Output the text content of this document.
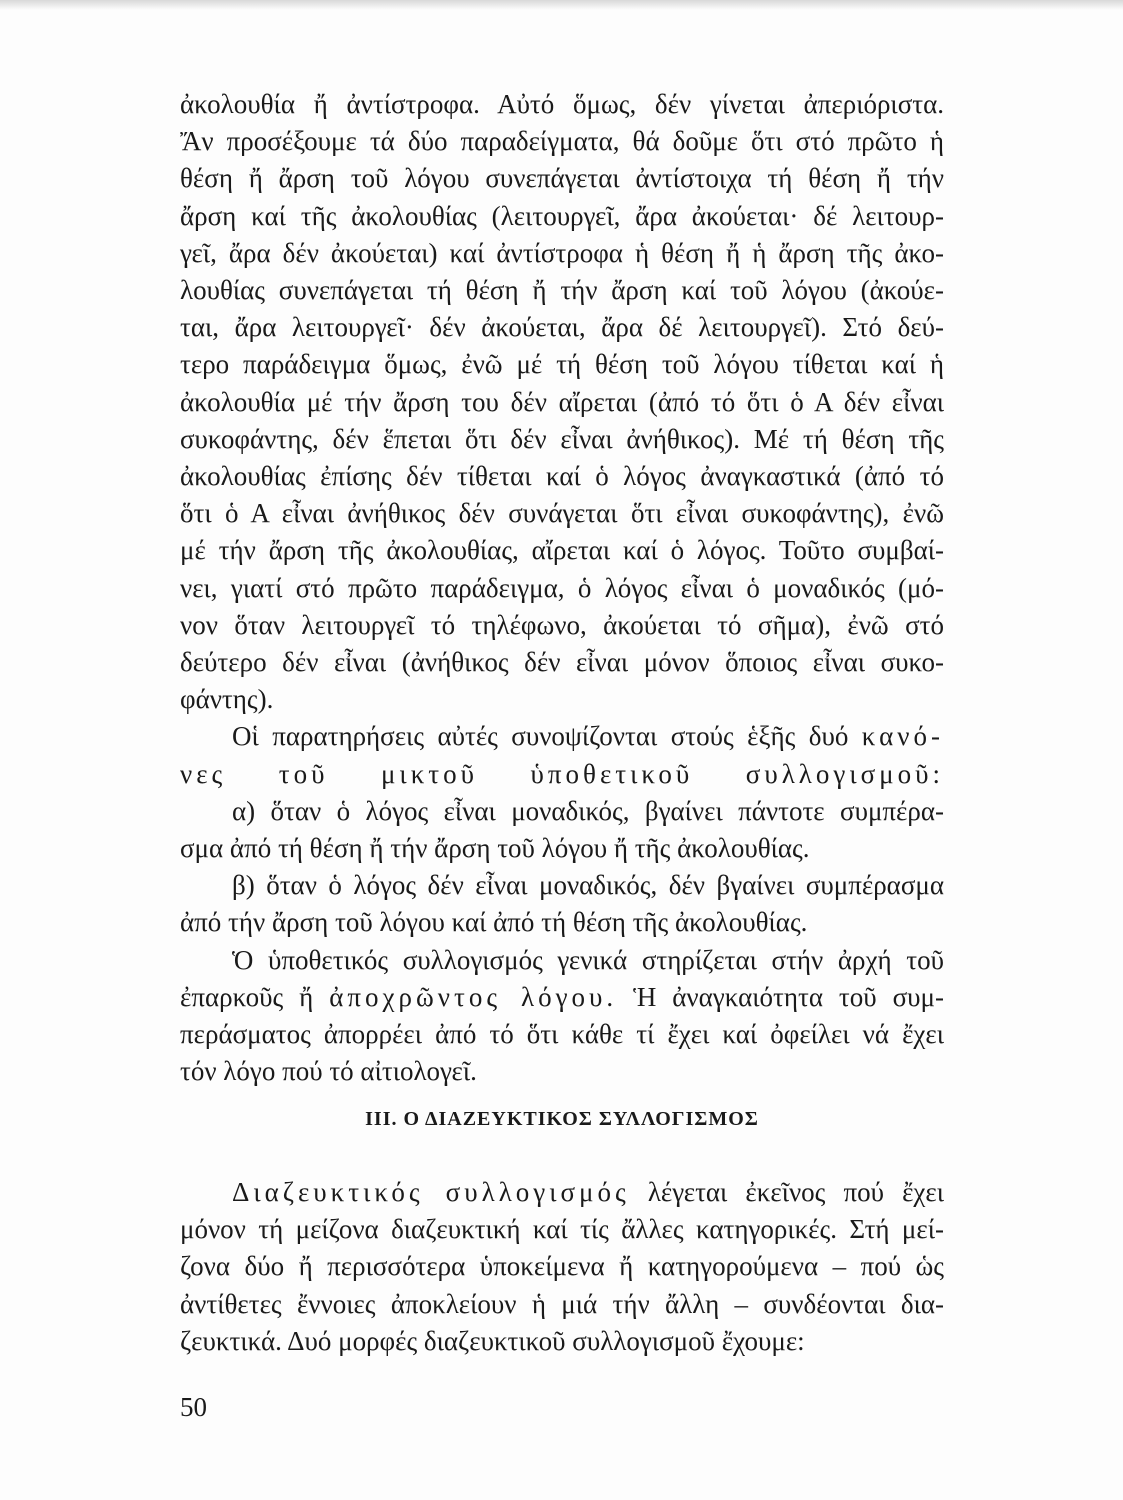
ἀκολουθία ἤ ἀντίστροφα. Αὐτό ὅμως, δέν γίνεται ἀπεριόριστα.
Ἄν προσέξουμε τά δύο παραδείγματα, θά δοῦμε ὅτι στό πρῶτο ἡ
θέση ἤ ἄρση τοῦ λόγου συνεπάγεται ἀντίστοιχα τή θέση ἤ τήν
ἄρση καί τῆς ἀκολουθίας (λειτουργεῖ, ἄρα ἀκούεται· δέ λειτουρ-
γεῖ, ἄρα δέν ἀκούεται) καί ἀντίστροφα ἡ θέση ἤ ἡ ἄρση τῆς ἀκο-
λουθίας συνεπάγεται τή θέση ἤ τήν ἄρση καί τοῦ λόγου (ἀκούε-
ται, ἄρα λειτουργεῖ· δέν ἀκούεται, ἄρα δέ λειτουργεῖ). Στό δεύ-
τερο παράδειγμα ὅμως, ἐνῶ μέ τή θέση τοῦ λόγου τίθεται καί ἡ
ἀκολουθία μέ τήν ἄρση του δέν αἴρεται (ἀπό τό ὅτι ὁ Α δέν εἶναι
συκοφάντης, δέν ἕπεται ὅτι δέν εἶναι ἀνήθικος). Μέ τή θέση τῆς
ἀκολουθίας ἐπίσης δέν τίθεται καί ὁ λόγος ἀναγκαστικά (ἀπό τό
ὅτι ὁ Α εἶναι ἀνήθικος δέν συνάγεται ὅτι εἶναι συκοφάντης), ἐνῶ
μέ τήν ἄρση τῆς ἀκολουθίας, αἴρεται καί ὁ λόγος. Τοῦτο συμβαί-
νει, γιατί στό πρῶτο παράδειγμα, ὁ λόγος εἶναι ὁ μοναδικός (μό-
νον ὅταν λειτουργεῖ τό τηλέφωνο, ἀκούεται τό σῆμα), ἐνῶ στό
δεύτερο δέν εἶναι (ἀνήθικος δέν εἶναι μόνον ὅποιος εἶναι συκο-
φάντης).
Οἱ παρατηρήσεις αὐτές συνοψίζονται στούς ἑξῆς δυό κανό-
νες τοῦ μικτοῦ ὑποθετικοῦ συλλογισμοῦ:
α) ὅταν ὁ λόγος εἶναι μοναδικός, βγαίνει πάντοτε συμπέρα-
σμα ἀπό τή θέση ἤ τήν ἄρση τοῦ λόγου ἤ τῆς ἀκολουθίας.
β) ὅταν ὁ λόγος δέν εἶναι μοναδικός, δέν βγαίνει συμπέρασμα
ἀπό τήν ἄρση τοῦ λόγου καί ἀπό τή θέση τῆς ἀκολουθίας.
Ὁ ὑποθετικός συλλογισμός γενικά στηρίζεται στήν ἀρχή τοῦ
ἐπαρκοῦς ἤ ἀποχρῶντος λόγου. Ἡ ἀναγκαιότητα τοῦ συμ-
περάσματος ἀπορρέει ἀπό τό ὅτι κάθε τί ἔχει καί ὀφείλει νά ἔχει
τόν λόγο πού τό αἰτιολογεῖ.
III. Ο ΔΙΑΖΕΥΚΤΙΚΟΣ ΣΥΛΛΟΓΙΣΜΟΣ
Διαζευκτικός συλλογισμός λέγεται ἐκεῖνος πού ἔχει
μόνον τή μείζονα διαζευκτική καί τίς ἄλλες κατηγορικές. Στή μεί-
ζονα δύο ἤ περισσότερα ὑποκείμενα ἤ κατηγορούμενα – πού ὡς
ἀντίθετες ἔννοιες ἀποκλείουν ἡ μιά τήν ἄλλη – συνδέονται δια-
ζευκτικά. Δυό μορφές διαζευκτικοῦ συλλογισμοῦ ἔχουμε:
50
